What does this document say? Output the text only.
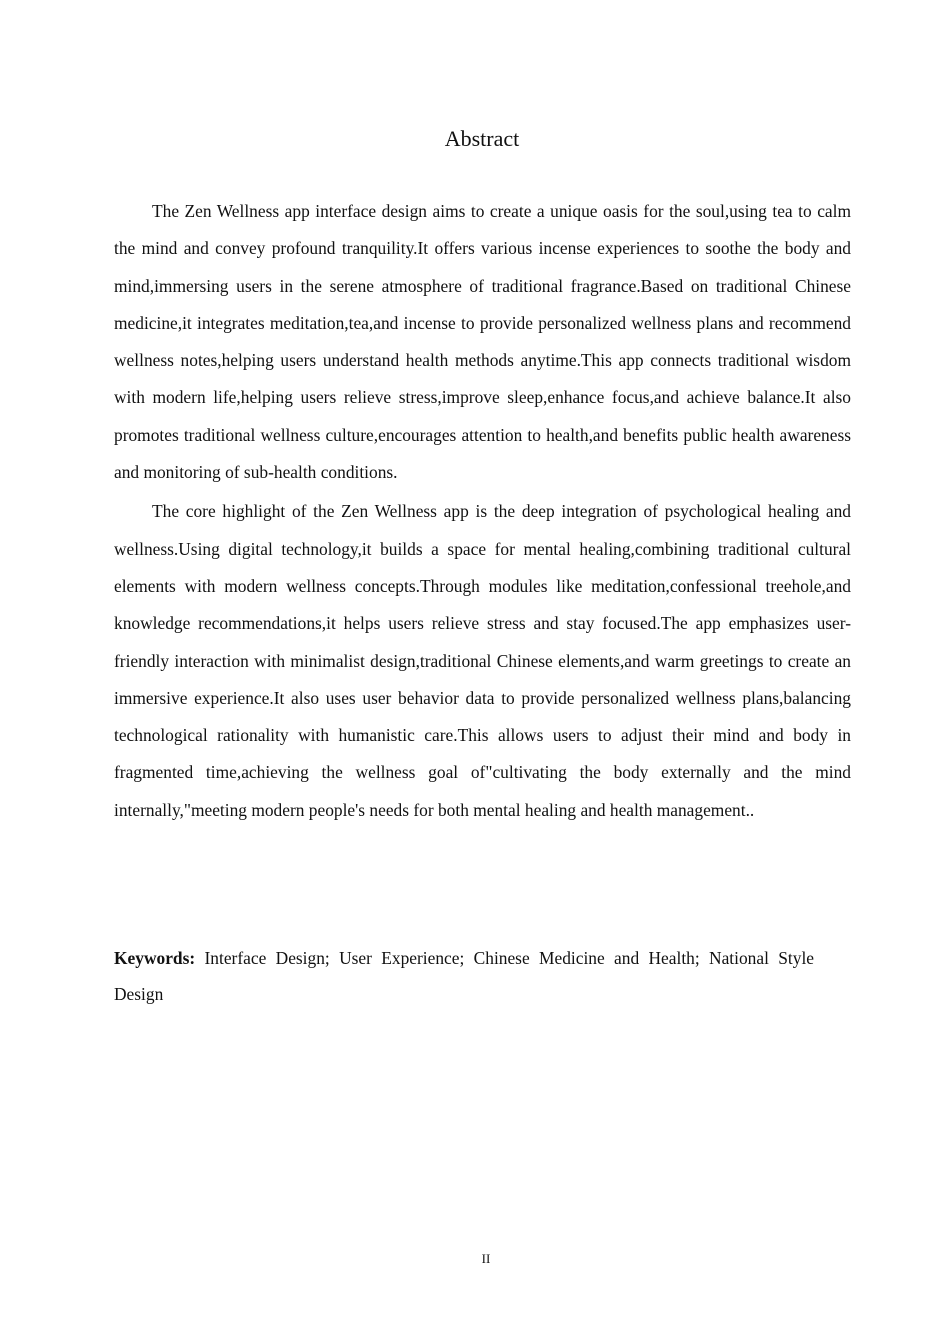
Abstract

The Zen Wellness app interface design aims to create a unique oasis for the soul,using tea to calm the mind and convey profound tranquility.It offers various incense experiences to soothe the body and mind,immersing users in the serene atmosphere of traditional fragrance.Based on traditional Chinese medicine,it integrates meditation,tea,and incense to provide personalized wellness plans and recommend wellness notes,helping users understand health methods anytime.This app connects traditional wisdom with modern life,helping users relieve stress,improve sleep,enhance focus,and achieve balance.It also promotes traditional wellness culture,encourages attention to health,and benefits public health awareness and monitoring of sub-health conditions.

The core highlight of the Zen Wellness app is the deep integration of psychological healing and wellness.Using digital technology,it builds a space for mental healing,combining traditional cultural elements with modern wellness concepts.Through modules like meditation,confessional treehole,and knowledge recommendations,it helps users relieve stress and stay focused.The app emphasizes user-friendly interaction with minimalist design,traditional Chinese elements,and warm greetings to create an immersive experience.It also uses user behavior data to provide personalized wellness plans,balancing technological rationality with humanistic care.This allows users to adjust their mind and body in fragmented time,achieving the wellness goal of"cultivating the body externally and the mind internally,"meeting modern people's needs for both mental healing and health management..

Keywords: Interface Design; User Experience; Chinese Medicine and Health; National Style Design

II
